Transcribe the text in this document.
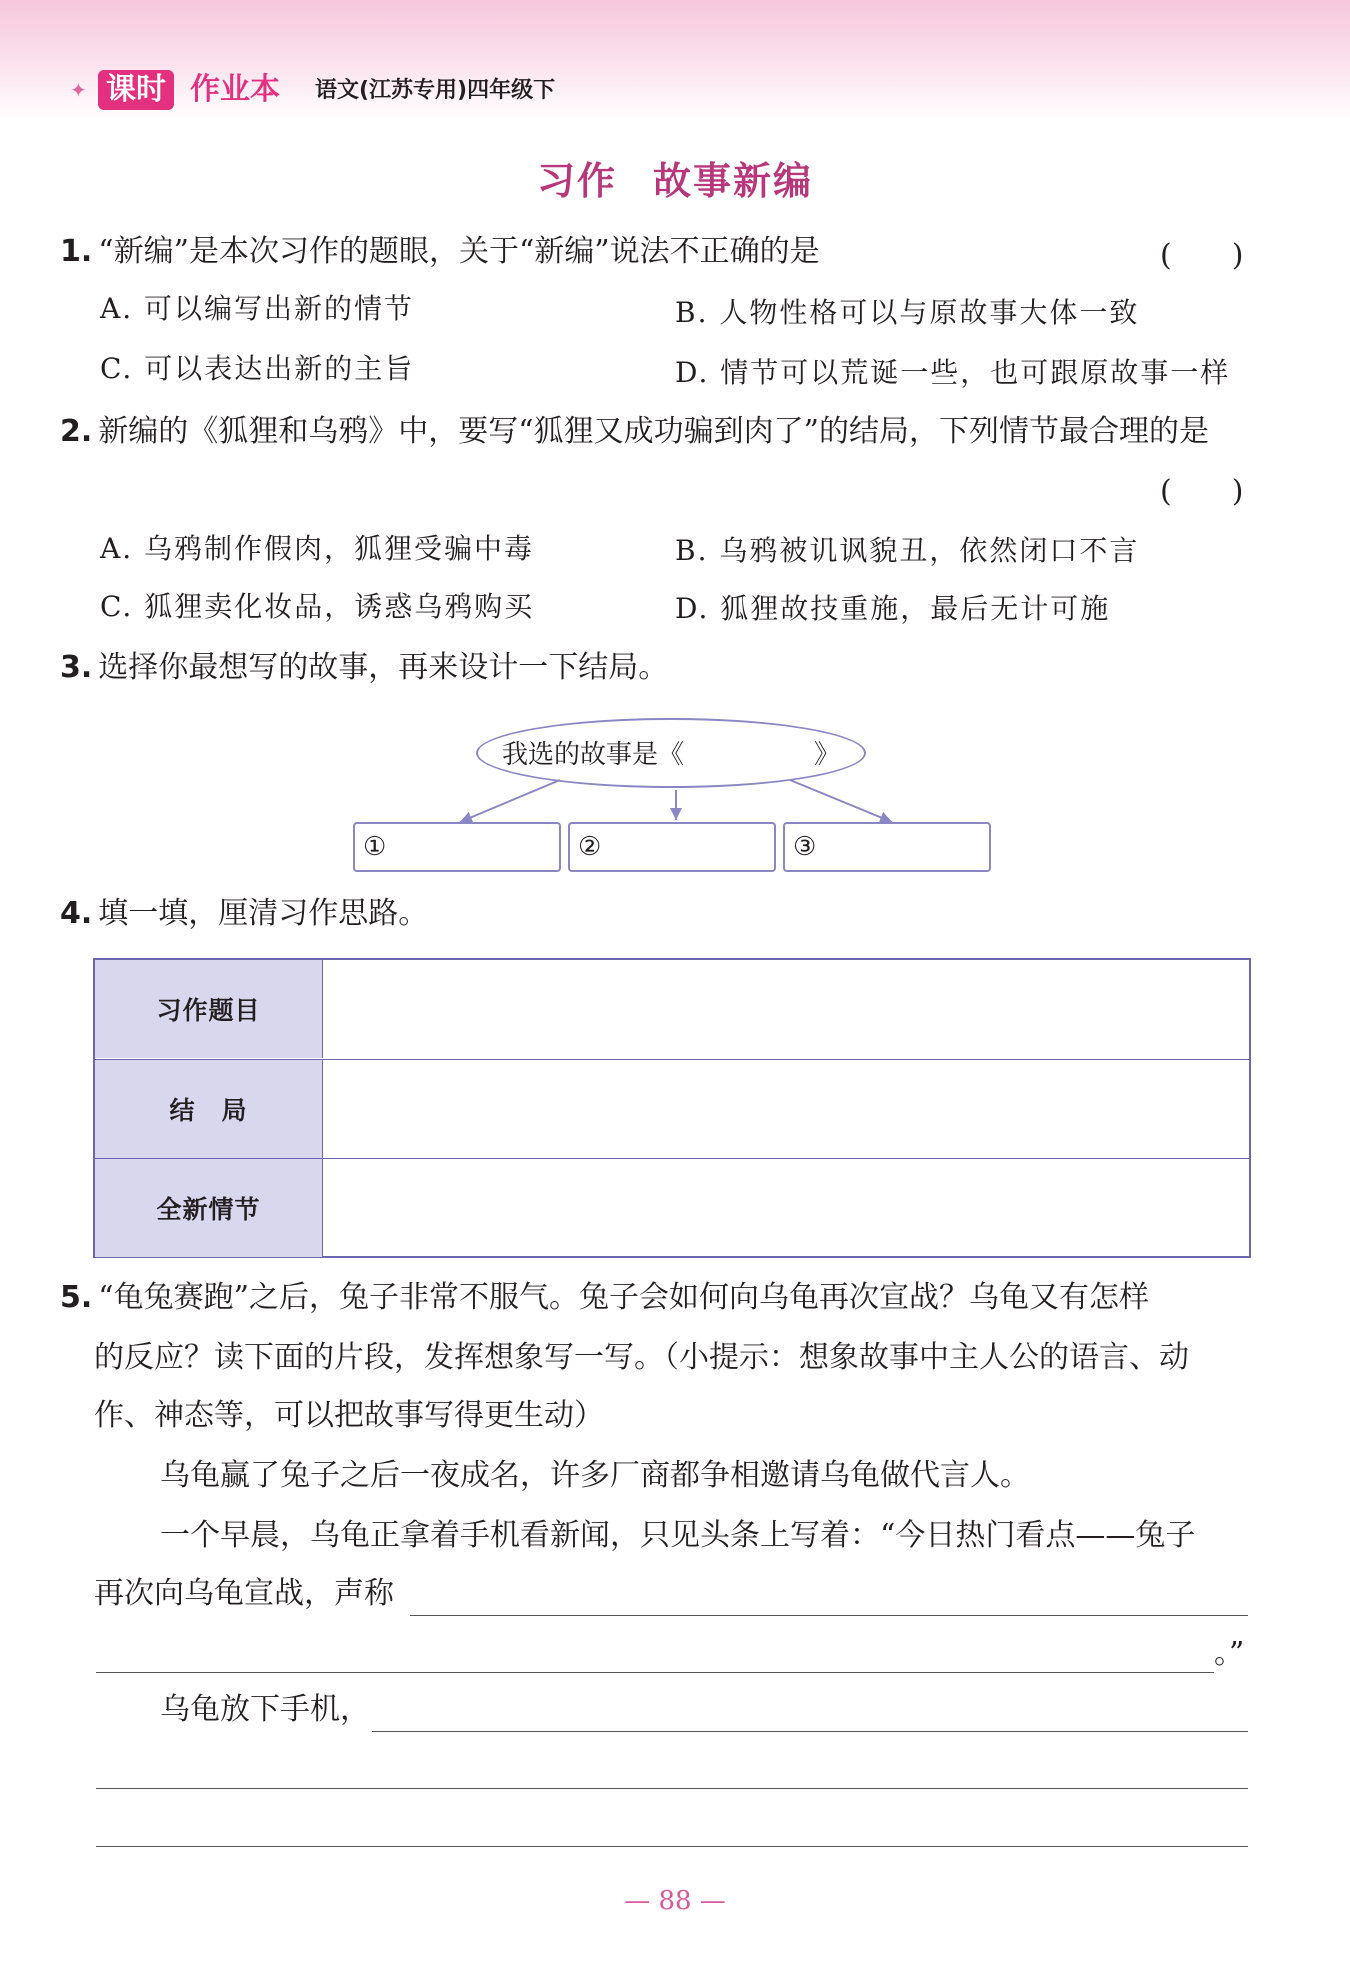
✦ 课时 作业本 语文(江苏专用)四年级下
习作 故事新编
1. “新编”是本次习作的题眼，关于“新编”说法不正确的是	(　　)
A. 可以编写出新的情节	B. 人物性格可以与原故事大体一致
C. 可以表达出新的主旨	D. 情节可以荒诞一些，也可跟原故事一样
2. 新编的《狐狸和乌鸦》中，要写“狐狸又成功骗到肉了”的结局，下列情节最合理的是
(　　)
A. 乌鸦制作假肉，狐狸受骗中毒	B. 乌鸦被讥讽貌丑，依然闭口不言
C. 狐狸卖化妆品，诱惑乌鸦购买	D. 狐狸故技重施，最后无计可施
3. 选择你最想写的故事，再来设计一下结局。
我选的故事是《　　　　　》
①	②	③
4. 填一填，厘清习作思路。
习作题目
结　局
全新情节
5. “龟兔赛跑”之后，兔子非常不服气。兔子会如何向乌龟再次宣战？乌龟又有怎样
的反应？读下面的片段，发挥想象写一写。（小提示：想象故事中主人公的语言、动
作、神态等，可以把故事写得更生动）
乌龟赢了兔子之后一夜成名，许多厂商都争相邀请乌龟做代言人。
一个早晨，乌龟正拿着手机看新闻，只见头条上写着：“今日热门看点——兔子
再次向乌龟宣战，声称
。”
乌龟放下手机，
— 88 —
